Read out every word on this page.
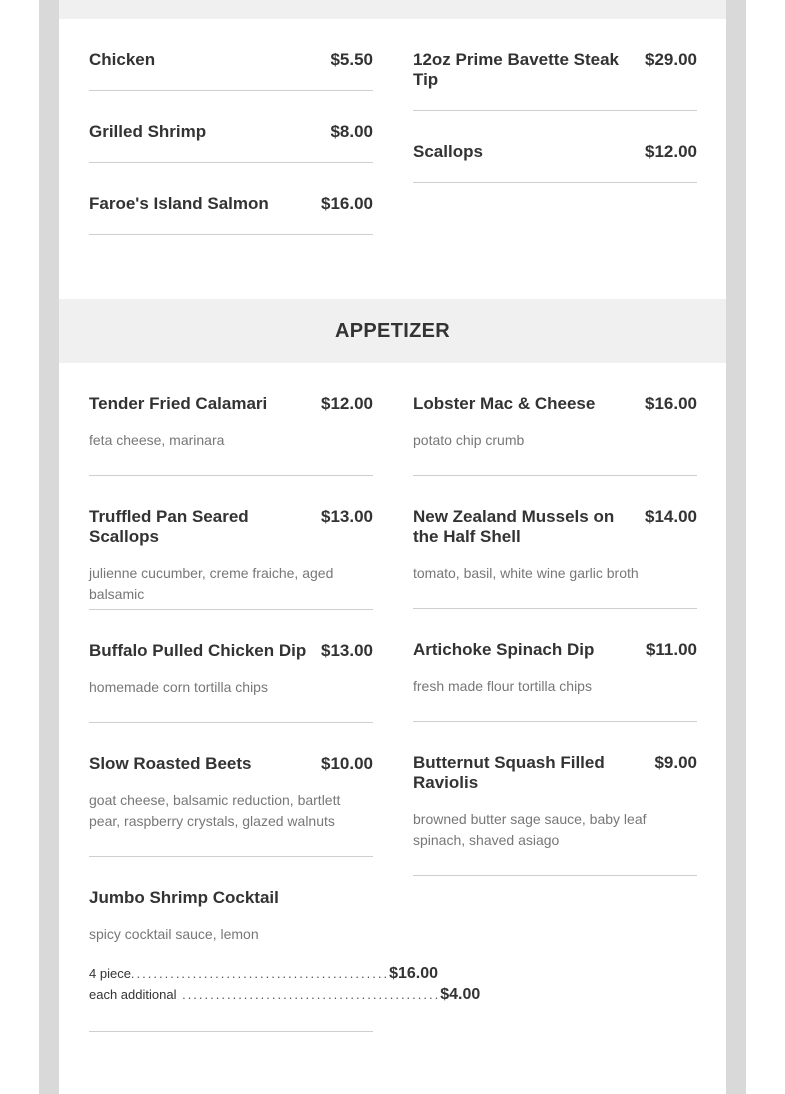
Chicken	$5.50
Grilled Shrimp	$8.00
Faroe's Island Salmon	$16.00
12oz Prime Bavette Steak Tip
$29.00
Scallops	$12.00
APPETIZER
Tender Fried Calamari	$12.00
feta cheese, marinara
Truffled Pan Seared Scallops
$13.00
julienne cucumber, creme fraiche, aged balsamic
Buffalo Pulled Chicken Dip $13.00
homemade corn tortilla chips
Slow Roasted Beets	$10.00
goat cheese, balsamic reduction, bartlett pear, raspberry crystals, glazed walnuts
Jumbo Shrimp Cocktail
spicy cocktail sauce, lemon
4 piece .............................................. $16.00
each additional .............................................. $4.00
Lobster Mac & Cheese	$16.00
potato chip crumb
New Zealand Mussels on the Half Shell
$14.00
tomato, basil, white wine garlic broth
Artichoke Spinach Dip	$11.00
fresh made flour tortilla chips
Butternut Squash Filled Raviolis
$9.00
browned butter sage sauce, baby leaf spinach, shaved asiago
